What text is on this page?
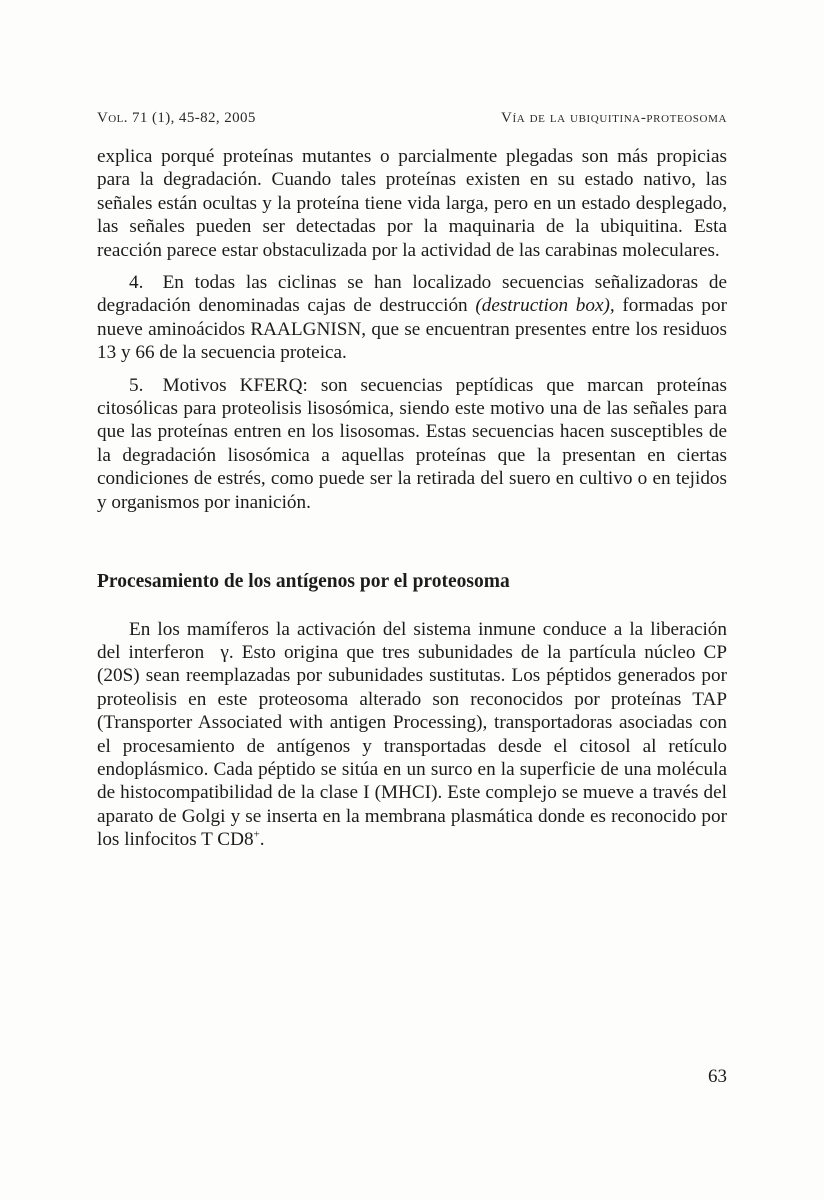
Vol. 71 (1), 45-82, 2005	Vía de la ubiquitina-proteosoma

explica porqué proteínas mutantes o parcialmente plegadas son más propicias para la degradación. Cuando tales proteínas existen en su estado nativo, las señales están ocultas y la proteína tiene vida larga, pero en un estado desplegado, las señales pueden ser detectadas por la maquinaria de la ubiquitina. Esta reacción parece estar obstaculizada por la actividad de las carabinas moleculares.

4. En todas las ciclinas se han localizado secuencias señalizadoras de degradación denominadas cajas de destrucción (destruction box), formadas por nueve aminoácidos RAALGNISN, que se encuentran presentes entre los residuos 13 y 66 de la secuencia proteica.

5. Motivos KFERQ: son secuencias peptídicas que marcan proteínas citosólicas para proteolisis lisosómica, siendo este motivo una de las señales para que las proteínas entren en los lisosomas. Estas secuencias hacen susceptibles de la degradación lisosómica a aquellas proteínas que la presentan en ciertas condiciones de estrés, como puede ser la retirada del suero en cultivo o en tejidos y organismos por inanición.

Procesamiento de los antígenos por el proteosoma

En los mamíferos la activación del sistema inmune conduce a la liberación del interferon  γ. Esto origina que tres subunidades de la partícula núcleo CP (20S) sean reemplazadas por subunidades sustitutas. Los péptidos generados por proteolisis en este proteosoma alterado son reconocidos por proteínas TAP (Transporter Associated with antigen Processing), transportadoras asociadas con el procesamiento de antígenos y transportadas desde el citosol al retículo endoplásmico. Cada péptido se sitúa en un surco en la superficie de una molécula de histocompatibilidad de la clase I (MHCI). Este complejo se mueve a través del aparato de Golgi y se inserta en la membrana plasmática donde es reconocido por los linfocitos T CD8+.

63
